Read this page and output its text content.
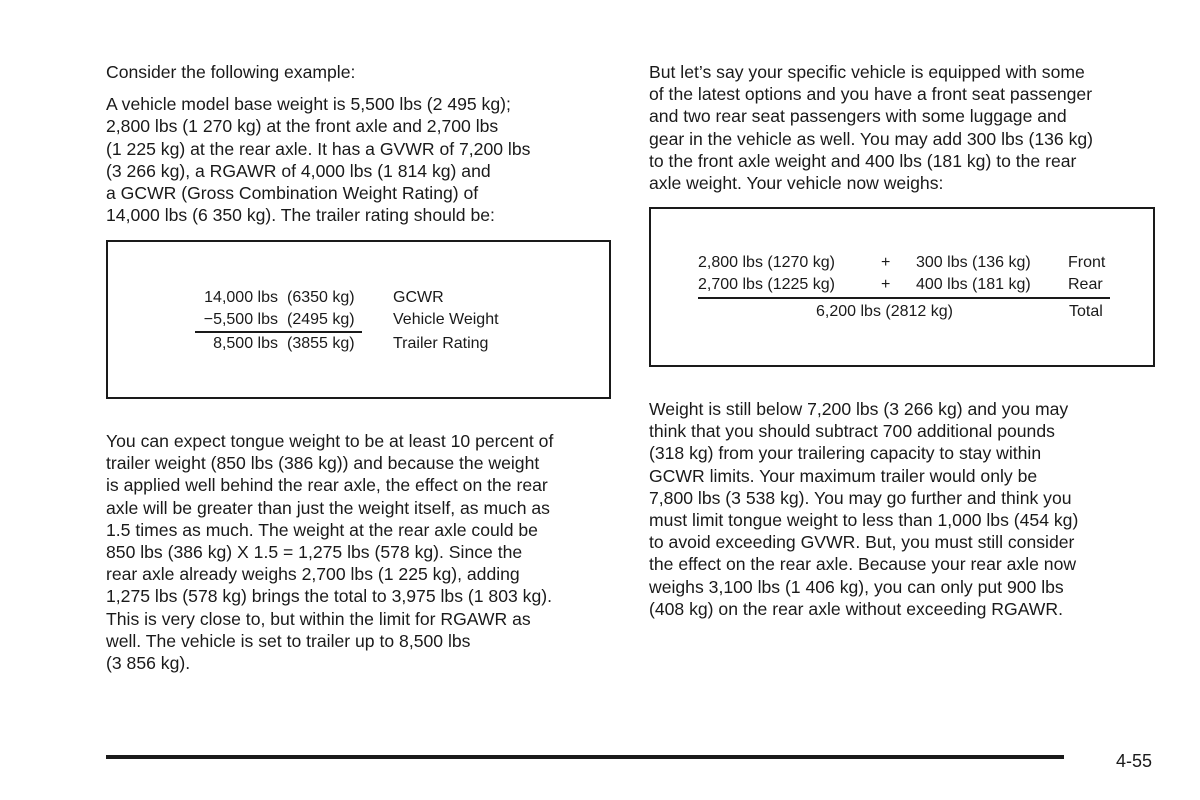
Consider the following example:

A vehicle model base weight is 5,500 lbs (2 495 kg);
2,800 lbs (1 270 kg) at the front axle and 2,700 lbs
(1 225 kg) at the rear axle. It has a GVWR of 7,200 lbs
(3 266 kg), a RGAWR of 4,000 lbs (1 814 kg) and
a GCWR (Gross Combination Weight Rating) of
14,000 lbs (6 350 kg). The trailer rating should be:

14,000 lbs (6350 kg) GCWR
−5,500 lbs (2495 kg) Vehicle Weight
8,500 lbs (3855 kg) Trailer Rating

You can expect tongue weight to be at least 10 percent of
trailer weight (850 lbs (386 kg)) and because the weight
is applied well behind the rear axle, the effect on the rear
axle will be greater than just the weight itself, as much as
1.5 times as much. The weight at the rear axle could be
850 lbs (386 kg) X 1.5 = 1,275 lbs (578 kg). Since the
rear axle already weighs 2,700 lbs (1 225 kg), adding
1,275 lbs (578 kg) brings the total to 3,975 lbs (1 803 kg).
This is very close to, but within the limit for RGAWR as
well. The vehicle is set to trailer up to 8,500 lbs
(3 856 kg).

But let’s say your specific vehicle is equipped with some
of the latest options and you have a front seat passenger
and two rear seat passengers with some luggage and
gear in the vehicle as well. You may add 300 lbs (136 kg)
to the front axle weight and 400 lbs (181 kg) to the rear
axle weight. Your vehicle now weighs:

2,800 lbs (1270 kg)	+ 300 lbs (136 kg) Front
2,700 lbs (1225 kg)	+ 400 lbs (181 kg) Rear
6,200 lbs (2812 kg)	Total

Weight is still below 7,200 lbs (3 266 kg) and you may
think that you should subtract 700 additional pounds
(318 kg) from your trailering capacity to stay within
GCWR limits. Your maximum trailer would only be
7,800 lbs (3 538 kg). You may go further and think you
must limit tongue weight to less than 1,000 lbs (454 kg)
to avoid exceeding GVWR. But, you must still consider
the effect on the rear axle. Because your rear axle now
weighs 3,100 lbs (1 406 kg), you can only put 900 lbs
(408 kg) on the rear axle without exceeding RGAWR.

4-55
